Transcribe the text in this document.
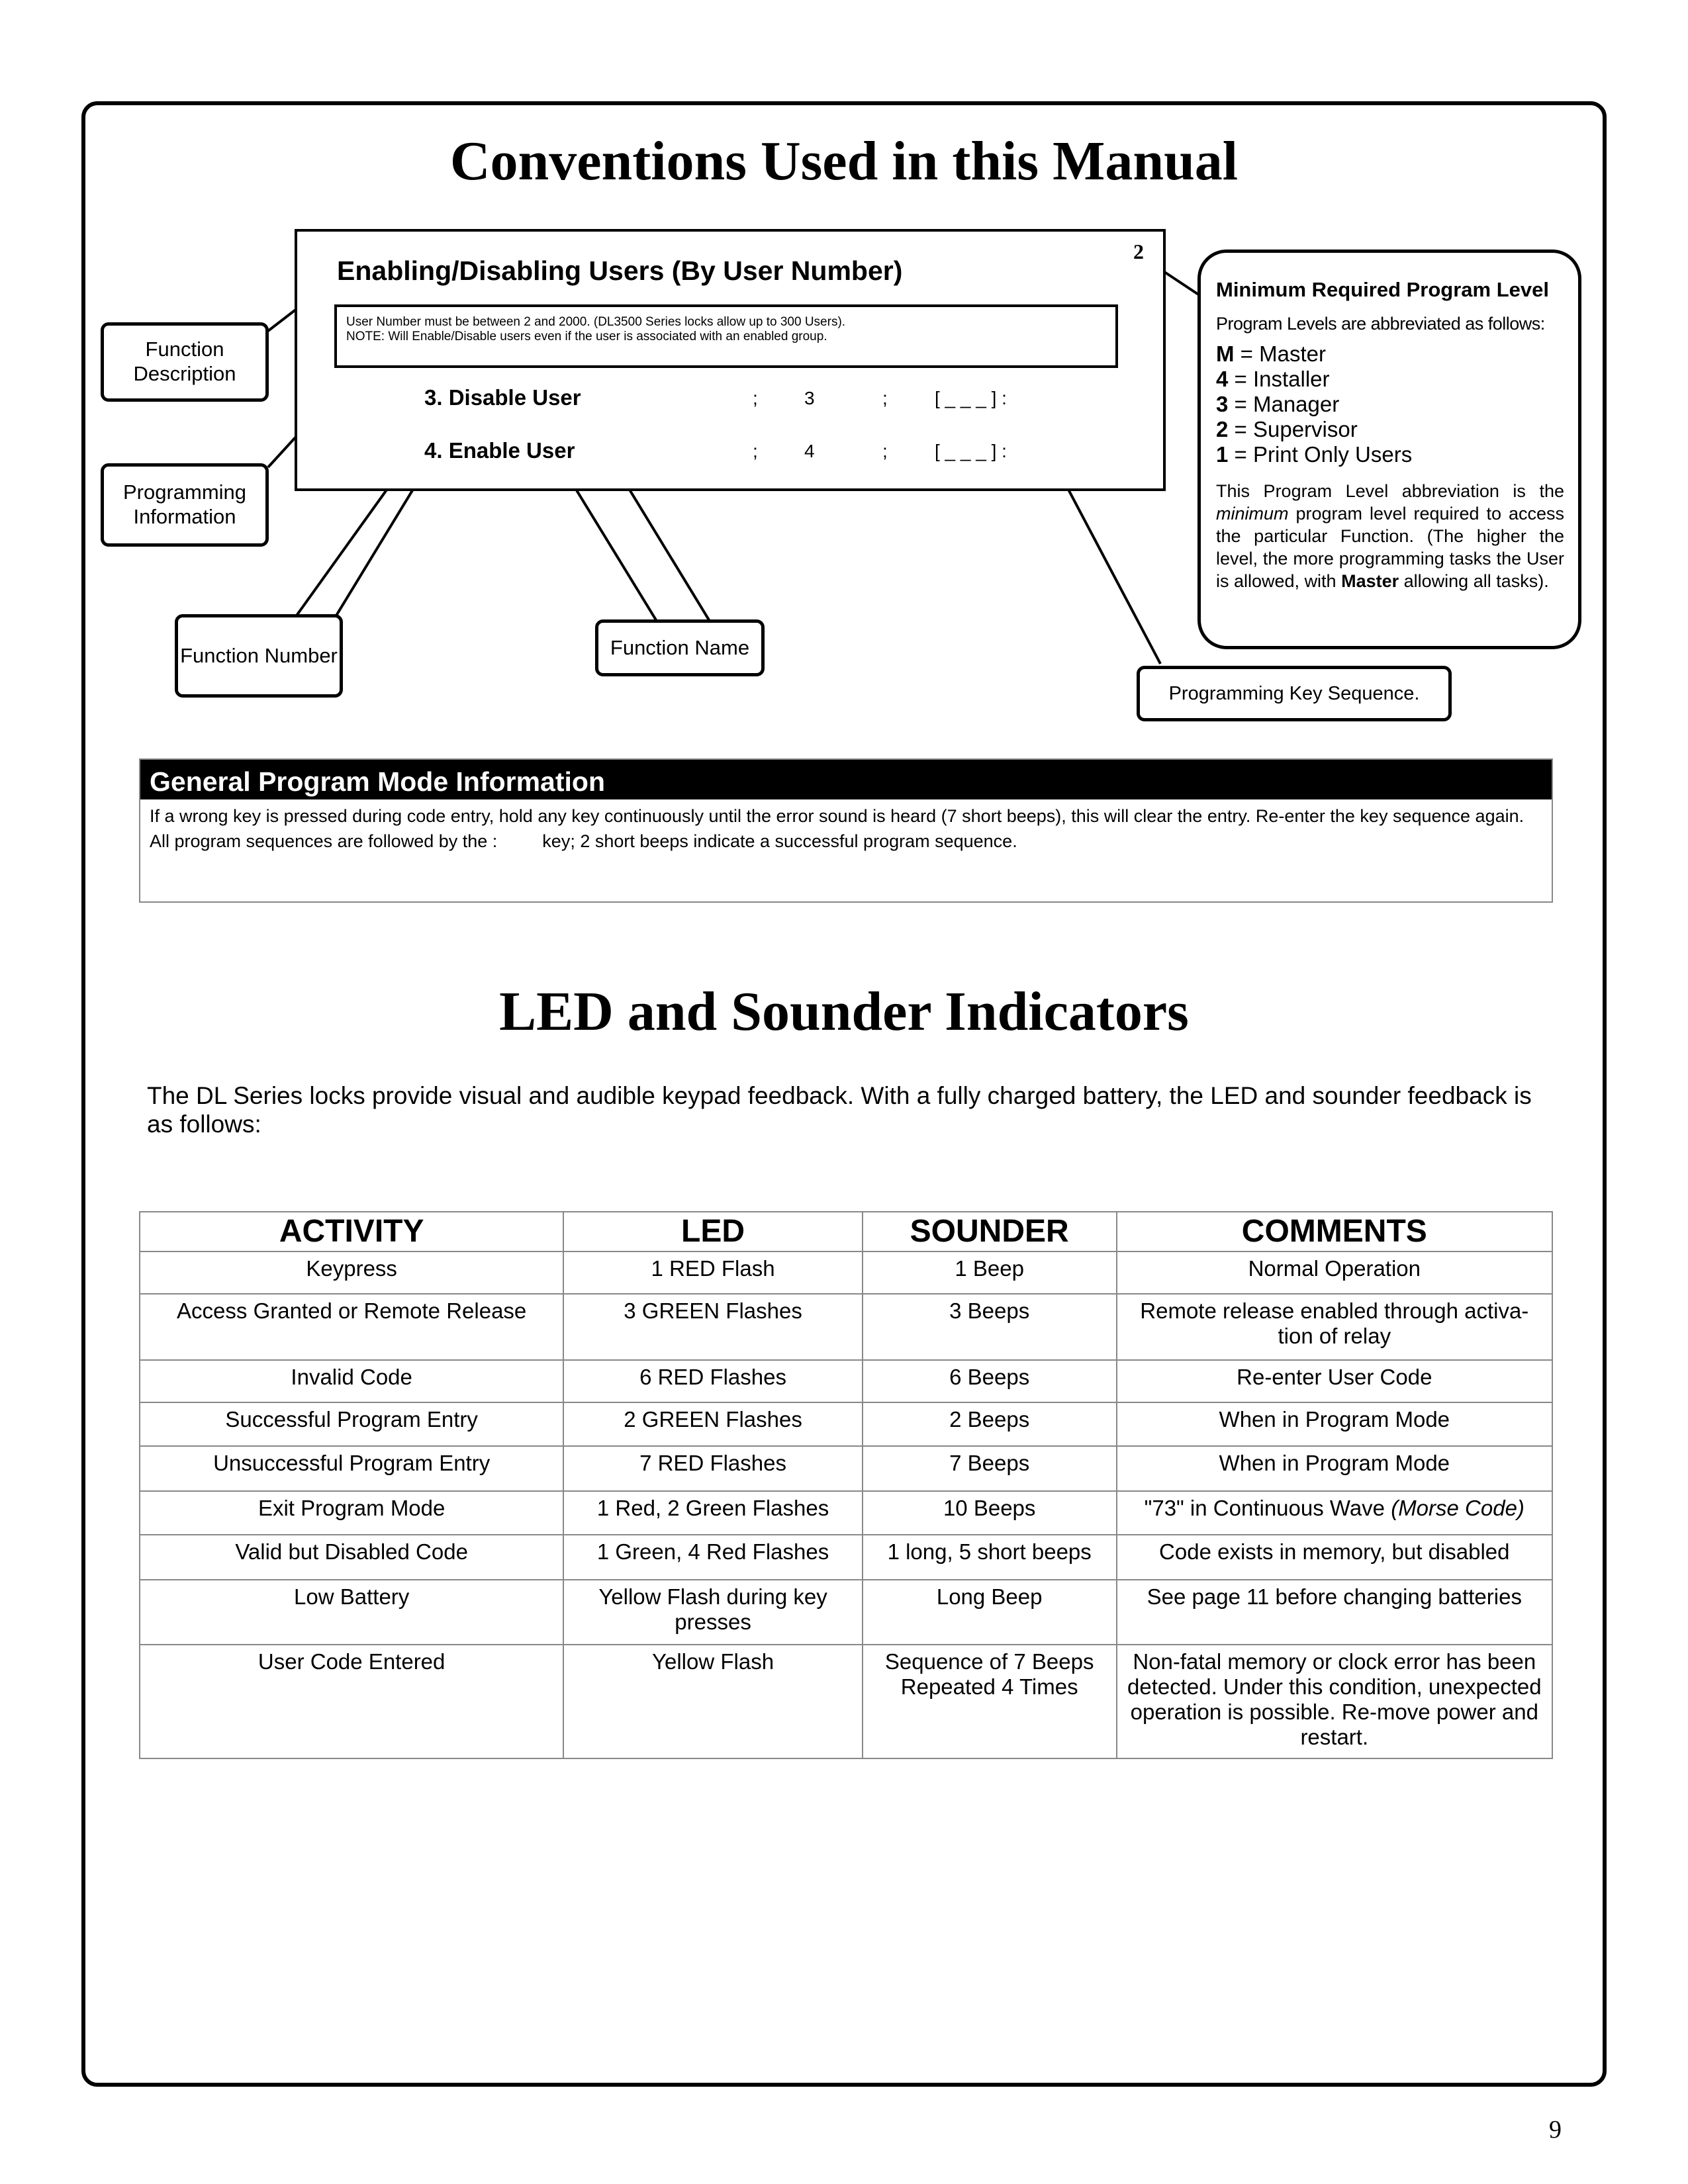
Conventions Used in this Manual
Enabling/Disabling Users (By User Number)
2
User Number must be between 2 and 2000. (DL3500 Series locks allow up to 300 Users).
NOTE: Will Enable/Disable users even if the user is associated with an enabled group.
3. Disable User	;	3	;	[ _ _ _ ] :
4. Enable User	;	4	;	[ _ _ _ ] :
Function Description
Programming Information
Function Number	Function Name
Programming Key Sequence.
Minimum Required Program Level
Program Levels are abbreviated as follows:
M = Master
4 = Installer
3 = Manager
2 = Supervisor
1 = Print Only Users
This Program Level abbreviation is the minimum program level required to access the particular Function. (The higher the level, the more programming tasks the User is allowed, with Master allowing all tasks).
General Program Mode Information
If a wrong key is pressed during code entry, hold any key continuously until the error sound is heard (7 short beeps), this will clear the entry. Re-enter the key sequence again.
All program sequences are followed by the :	key; 2 short beeps indicate a successful program sequence.
LED and Sounder Indicators
The DL Series locks provide visual and audible keypad feedback. With a fully charged battery, the LED and sounder feedback is as follows:
ACTIVITY	LED	SOUNDER	COMMENTS
Keypress	1 RED Flash	1 Beep	Normal Operation
Access Granted or Remote Release	3 GREEN Flashes	3 Beeps	Remote release enabled through activa-tion of relay
Invalid Code	6 RED Flashes	6 Beeps	Re-enter User Code
Successful Program Entry	2 GREEN Flashes	2 Beeps	When in Program Mode
Unsuccessful Program Entry	7 RED Flashes	7 Beeps	When in Program Mode
Exit Program Mode	1 Red, 2 Green Flashes	10 Beeps	"73" in Continuous Wave (Morse Code)
Valid but Disabled Code	1 Green, 4 Red Flashes	1 long, 5 short beeps	Code exists in memory, but disabled
Low Battery	Yellow Flash during key presses	Long Beep	See page 11 before changing batteries
User Code Entered	Yellow Flash	Sequence of 7 Beeps Repeated 4 Times	Non-fatal memory or clock error has been detected. Under this condition, unexpected operation is possible. Re-move power and restart.
9
